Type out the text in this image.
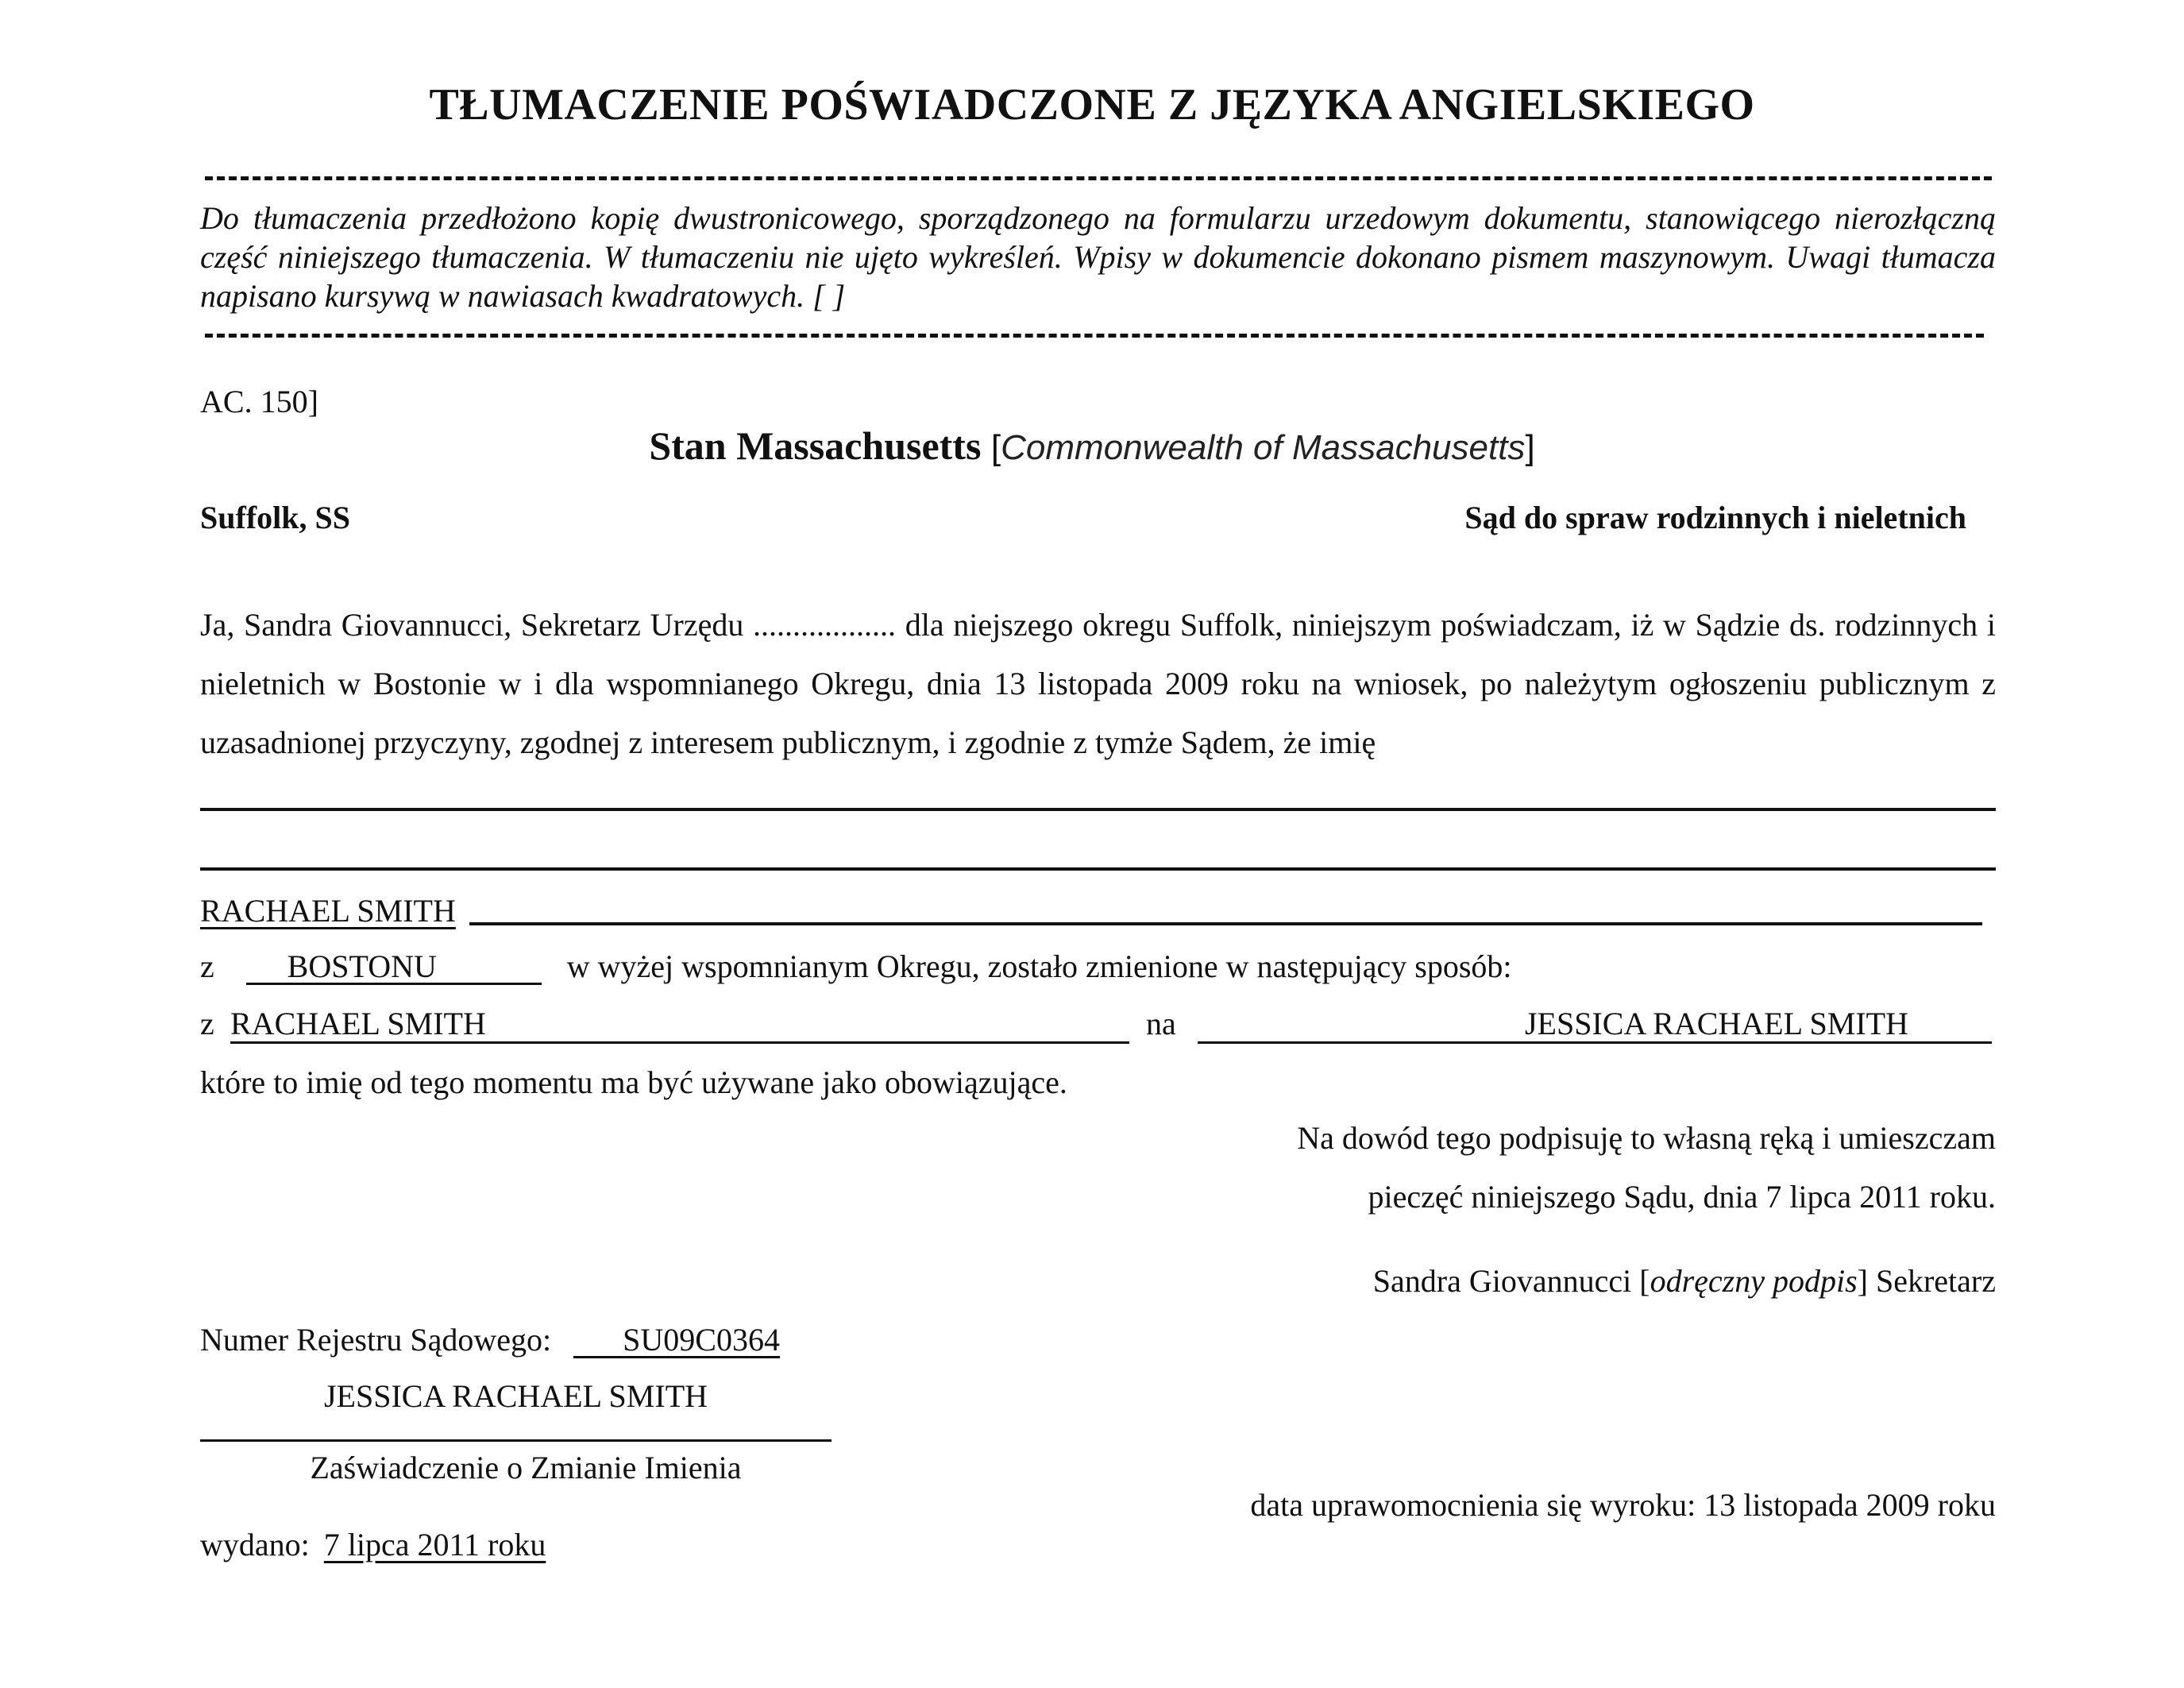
TŁUMACZENIE POŚWIADCZONE Z JĘZYKA ANGIELSKIEGO
Do tłumaczenia przedłożono kopię dwustronicowego, sporządzonego na formularzu urzedowym dokumentu, stanowiącego nierozłączną część niniejszego tłumaczenia. W tłumaczeniu nie ujęto wykreśleń. Wpisy w dokumencie dokonano pismem maszynowym. Uwagi tłumacza napisano kursywą w nawiasach kwadratowych. [ ]
AC. 150]
Stan Massachusetts [Commonwealth of Massachusetts]
Suffolk, SS	Sąd do spraw rodzinnych i nieletnich
Ja, Sandra Giovannucci, Sekretarz Urzędu .................. dla niejszego okregu Suffolk, niniejszym poświadczam, iż w Sądzie ds. rodzinnych i nieletnich w Bostonie w i dla wspomnianego Okregu, dnia 13 listopada 2009 roku na wniosek, po należytym ogłoszeniu publicznym z uzasadnionej przyczyny, zgodnej z interesem publicznym, i zgodnie z tymże Sądem, że imię
RACHAEL SMITH
z BOSTONU	w wyżej wspomnianym Okregu, zostało zmienione w następujący sposób:
z RACHAEL SMITH	na	JESSICA RACHAEL SMITH
które to imię od tego momentu ma być używane jako obowiązujące.
Na dowód tego podpisuję to własną ręką i umieszczam
pieczęć niniejszego Sądu, dnia 7 lipca 2011 roku.
Sandra Giovannucci [odręczny podpis] Sekretarz
Numer Rejestru Sądowego: SU09C0364
JESSICA RACHAEL SMITH
Zaświadczenie o Zmianie Imienia
data uprawomocnienia się wyroku: 13 listopada 2009 roku
wydano: 7 lipca 2011 roku
